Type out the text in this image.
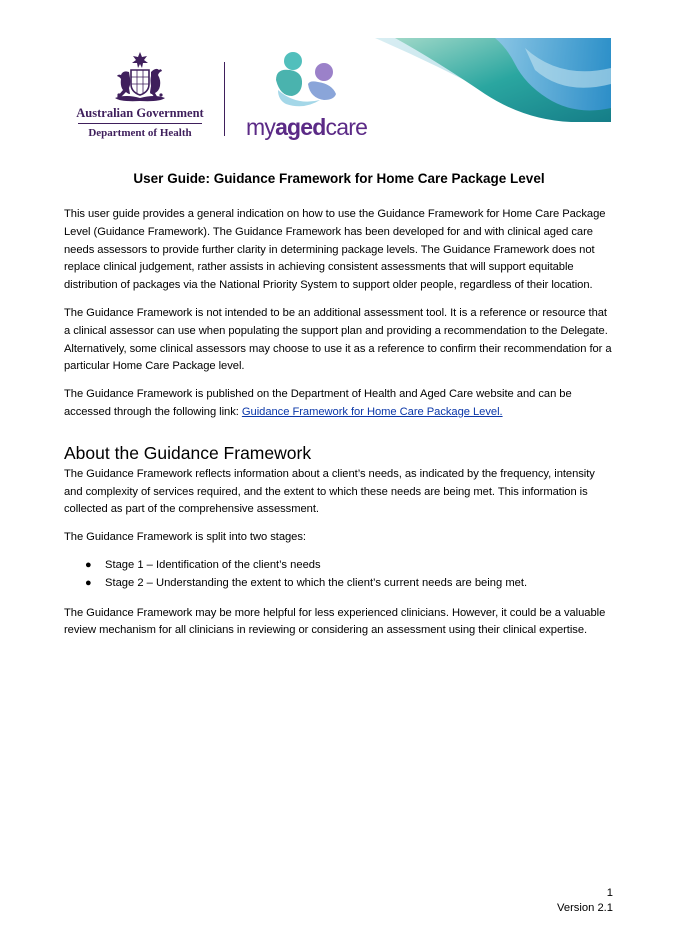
Australian Government
Department of Health	myagedcare
User Guide: Guidance Framework for Home Care Package Level

This user guide provides a general indication on how to use the Guidance Framework for Home Care Package Level (Guidance Framework). The Guidance Framework has been developed for and with clinical aged care needs assessors to provide further clarity in determining package levels. The Guidance Framework does not replace clinical judgement, rather assists in achieving consistent assessments that will support equitable distribution of packages via the National Priority System to support older people, regardless of their location.

The Guidance Framework is not intended to be an additional assessment tool. It is a reference or resource that a clinical assessor can use when populating the support plan and providing a recommendation to the Delegate. Alternatively, some clinical assessors may choose to use it as a reference to confirm their recommendation for a particular Home Care Package level.

The Guidance Framework is published on the Department of Health and Aged Care website and can be accessed through the following link: Guidance Framework for Home Care Package Level.

About the Guidance Framework

The Guidance Framework reflects information about a client’s needs, as indicated by the frequency, intensity and complexity of services required, and the extent to which these needs are being met. This information is collected as part of the comprehensive assessment.

The Guidance Framework is split into two stages:

● Stage 1 – Identification of the client’s needs
● Stage 2 – Understanding the extent to which the client’s current needs are being met.

The Guidance Framework may be more helpful for less experienced clinicians. However, it could be a valuable review mechanism for all clinicians in reviewing or considering an assessment using their clinical expertise.

1
Version 2.1
